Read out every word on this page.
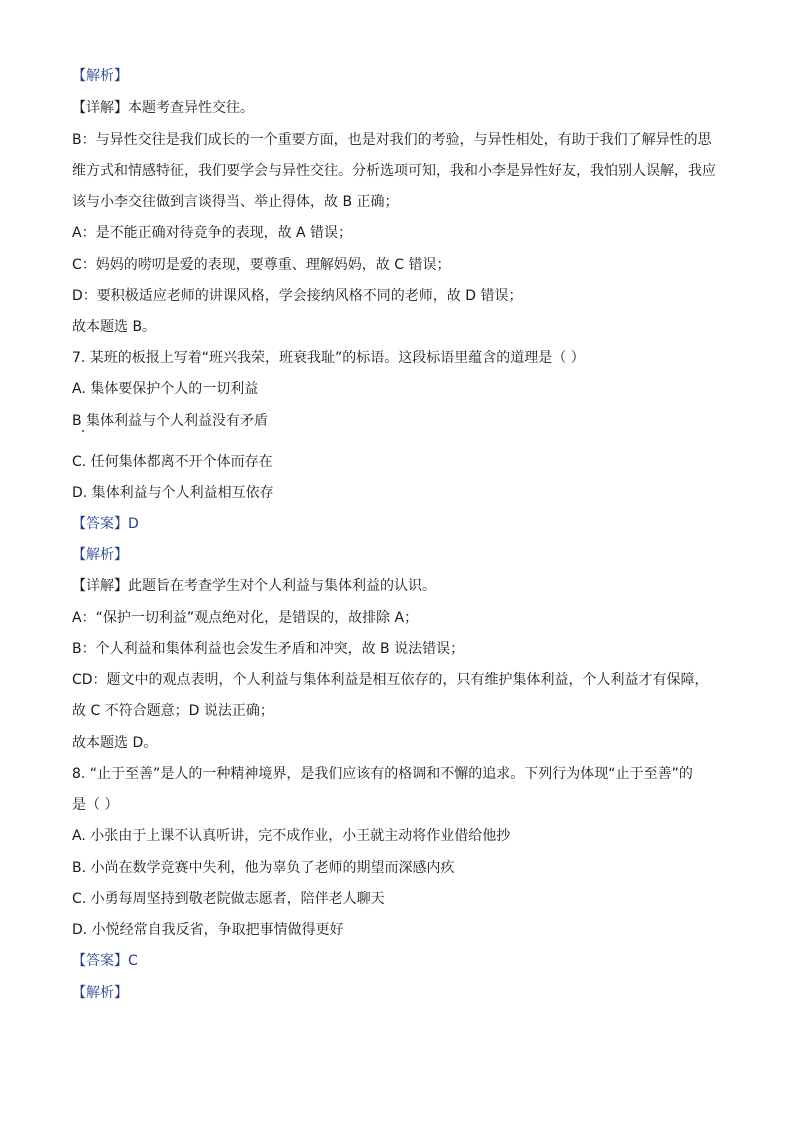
【解析】
【详解】本题考查异性交往。
B：与异性交往是我们成长的一个重要方面，也是对我们的考验，与异性相处，有助于我们了解异性的思
维方式和情感特征，我们要学会与异性交往。分析选项可知，我和小李是异性好友，我怕别人误解，我应
该与小李交往做到言谈得当、举止得体，故 B 正确；
A：是不能正确对待竞争的表现，故 A 错误；
C：妈妈的唠叨是爱的表现，要尊重、理解妈妈，故 C 错误；
D：要积极适应老师的讲课风格，学会接纳风格不同的老师，故 D 错误；
故本题选 B。
7. 某班的板报上写着“班兴我荣，班衰我耻”的标语。这段标语里蕴含的道理是（ ）
A. 集体要保护个人的一切利益
B 集体利益与个人利益没有矛盾
C. 任何集体都离不开个体而存在
D. 集体利益与个人利益相互依存
【答案】D
【解析】
【详解】此题旨在考查学生对个人利益与集体利益的认识。
A：“保护一切利益”观点绝对化，是错误的，故排除 A；
B：个人利益和集体利益也会发生矛盾和冲突，故 B 说法错误；
CD：题文中的观点表明，个人利益与集体利益是相互依存的，只有维护集体利益，个人利益才有保障，
故 C 不符合题意；D 说法正确；
故本题选 D。
8. “止于至善”是人的一种精神境界，是我们应该有的格调和不懈的追求。下列行为体现“止于至善”的
是（ ）
A. 小张由于上课不认真听讲，完不成作业，小王就主动将作业借给他抄
B. 小尚在数学竞赛中失利，他为辜负了老师的期望而深感内疚
C. 小勇每周坚持到敬老院做志愿者，陪伴老人聊天
D. 小悦经常自我反省，争取把事情做得更好
【答案】C
【解析】
